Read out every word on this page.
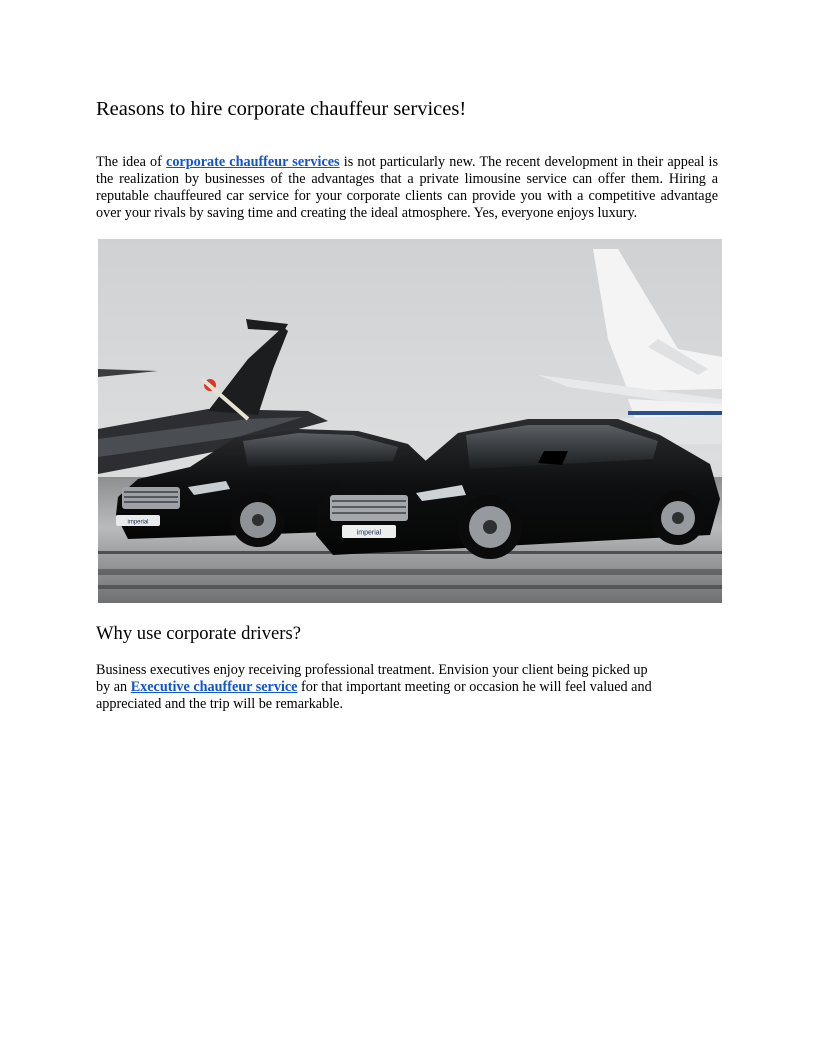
Reasons to hire corporate chauffeur services!

The idea of corporate chauffeur services is not particularly new. The recent development in their appeal is the realization by businesses of the advantages that a private limousine service can offer them. Hiring a reputable chauffeured car service for your corporate clients can provide you with a competitive advantage over your rivals by saving time and creating the ideal atmosphere. Yes, everyone enjoys luxury.

imperial
imperial
Why use corporate drivers?

Business executives enjoy receiving professional treatment. Envision your client being picked up

by an Executive chauffeur service for that important meeting or occasion he will feel valued and appreciated and the trip will be remarkable.
